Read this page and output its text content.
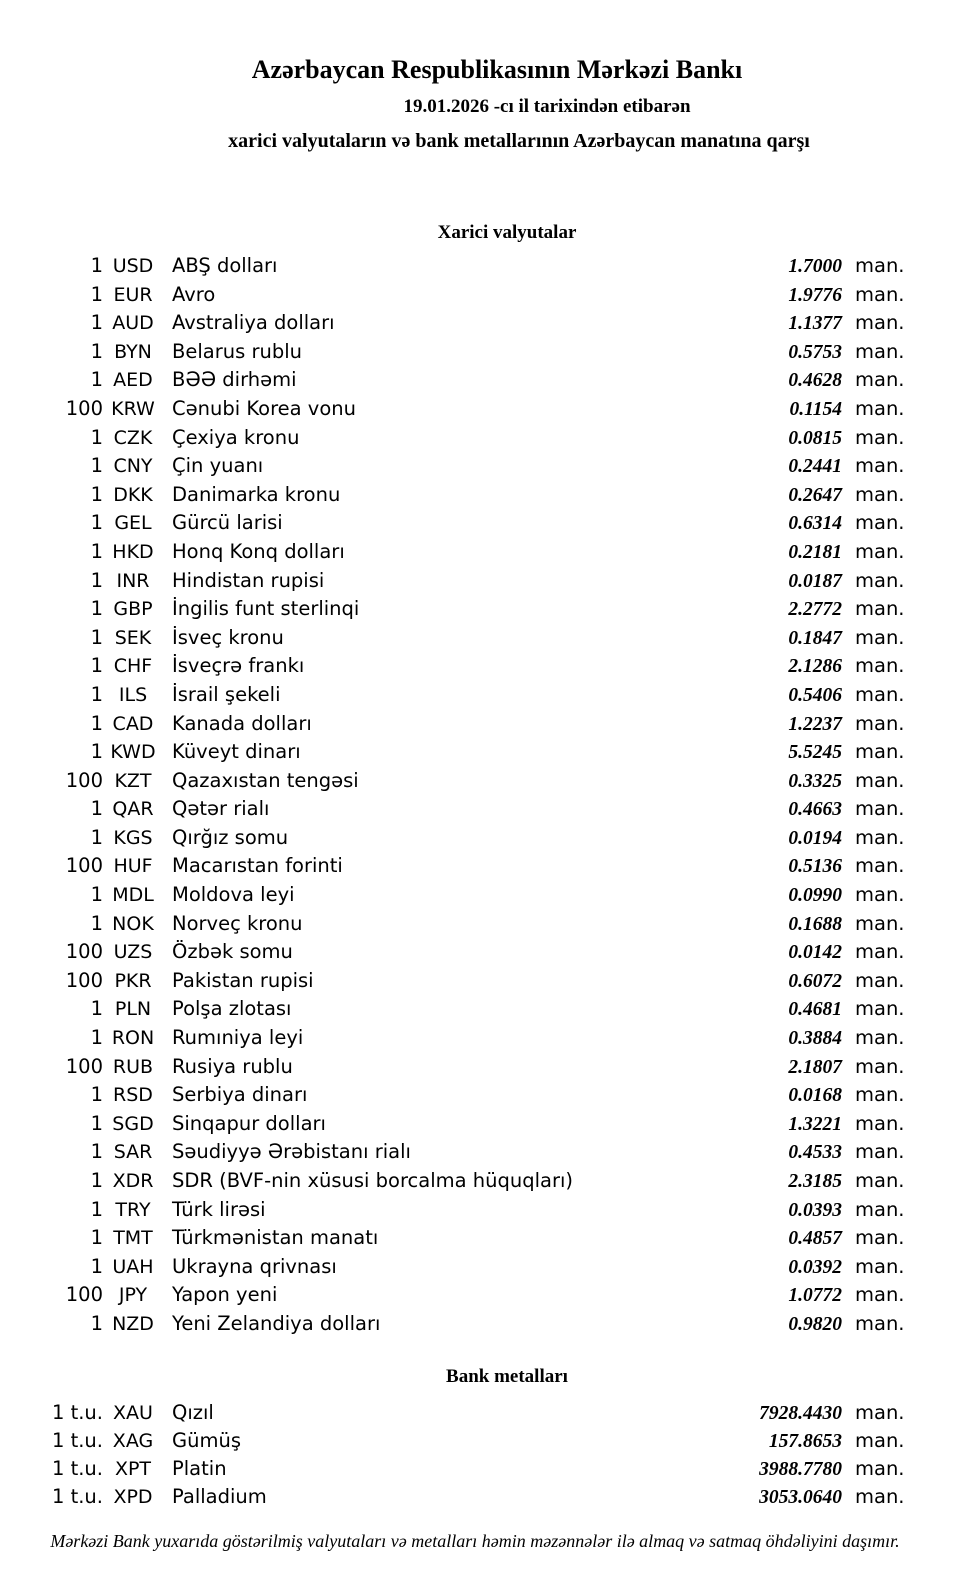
Azərbaycan Respublikasının Mərkəzi Bankı
19.01.2026 -cı il tarixindən etibarən
xarici valyutaların və bank metallarının Azərbaycan manatına qarşı
Xarici valyutalar
1 USD ABŞ dolları	1.7000 man.
1 EUR Avro	1.9776 man.
1 AUD Avstraliya dolları	1.1377 man.
1 BYN	Belarus rublu	0.5753 man.
1 AED BƏƏ dirhəmi	0.4628 man.
100 KRW Cənubi Korea vonu	0.1154 man.
1 CZK	Çexiya kronu	0.0815 man.
1 CNY Çin yuanı	0.2441 man.
1 DKK Danimarka kronu	0.2647 man.
1 GEL	Gürcü larisi	0.6314 man.
1 HKD Honq Konq dolları	0.2181 man.
1 INR	Hindistan rupisi	0.0187 man.
1 GBP İngilis funt sterlinqi	2.2772 man.
1 SEK	İsveç kronu	0.1847 man.
1 CHF	İsveçrə frankı	2.1286 man.
1 ILS	İsrail şekeli	0.5406 man.
1 CAD Kanada dolları	1.2237 man.
1 KWD Küveyt dinarı	5.5245 man.
100 KZT	Qazaxıstan tengəsi	0.3325 man.
1 QAR Qətər rialı	0.4663 man.
1 KGS Qırğız somu	0.0194 man.
100 HUF Macarıstan forinti	0.5136 man.
1 MDL Moldova leyi	0.0990 man.
1 NOK Norveç kronu	0.1688 man.
100 UZS	Özbək somu	0.0142 man.
100 PKR	Pakistan rupisi	0.6072 man.
1 PLN	Polşa zlotası	0.4681 man.
1 RON Rumıniya leyi	0.3884 man.
100 RUB Rusiya rublu	2.1807 man.
1 RSD Serbiya dinarı	0.0168 man.
1 SGD Sinqapur dolları	1.3221 man.
1 SAR	Səudiyyə Ərəbistanı rialı	0.4533 man.
1 XDR SDR (BVF-nin xüsusi borcalma hüquqları)	2.3185 man.
1 TRY	Türk lirəsi	0.0393 man.
1 TMT Türkmənistan manatı	0.4857 man.
1 UAH Ukrayna qrivnası	0.0392 man.
100 JPY	Yapon yeni	1.0772 man.
1 NZD Yeni Zelandiya dolları	0.9820 man.
Bank metalları
1 t.u. XAU Qızıl	7928.4430 man.
1 t.u. XAG Gümüş	157.8653 man.
1 t.u. XPT	Platin	3988.7780 man.
1 t.u. XPD Palladium	3053.0640 man.
Mərkəzi Bank yuxarıda göstərilmiş valyutaları və metalları həmin məzənnələr ilə almaq və satmaq öhdəliyini daşımır.
